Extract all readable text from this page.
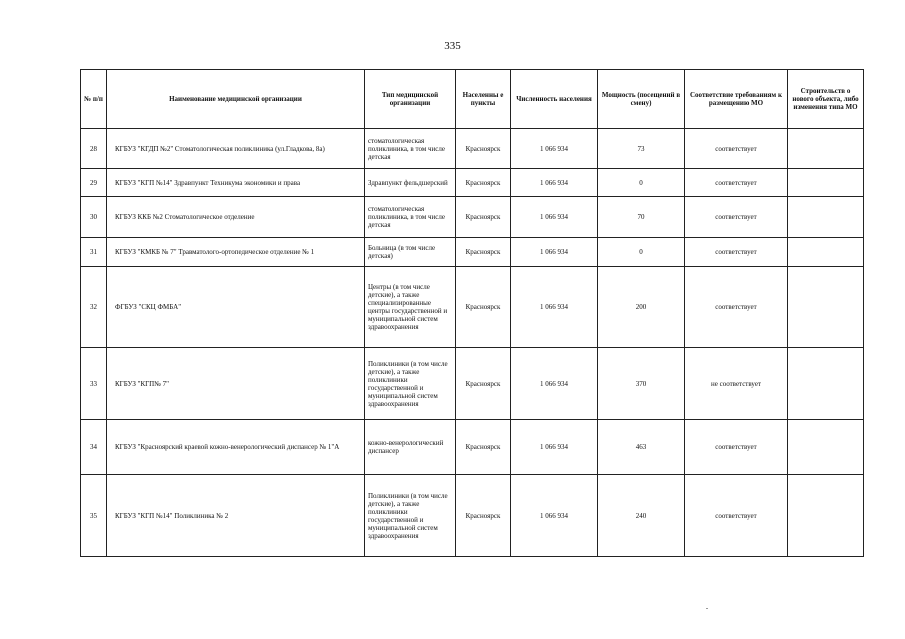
335
№ п/п	Наименование медицинской организации	Тип медицинской организации	Населенны е пункты	Численность населения	Мощность (посещений в смену)	Соответствие требованиям к размещению МО	Строительств о нового объекта, либо изменения типа МО
28	КГБУЗ "КГДП №2" Стоматологическая поликлиника (ул.Гладкова, 8а)	стоматологическая поликлиника, в том числе детская	Красноярск	1 066 934	73	соответствует	
29	КГБУЗ "КГП №14" Здравпункт Техникума экономики и права	Здравпункт фельдшерский	Красноярск	1 066 934	0	соответствует	
30	КГБУЗ ККБ №2 Стоматологическое отделение	стоматологическая поликлиника, в том числе детская	Красноярск	1 066 934	70	соответствует	
31	КГБУЗ "КМКБ № 7" Травматолого-ортопедическое отделение № 1	Больница (в том числе детская)	Красноярск	1 066 934	0	соответствует	
32	ФГБУЗ "СКЦ ФМБА"	Центры (в том числе детские), а также специализированные центры государственной и муниципальной систем здравоохранения	Красноярск	1 066 934	200	соответствует	
33	КГБУЗ "КГП№ 7"	Поликлиники (в том числе детские), а также поликлиники государственной и муниципальной систем здравоохранения	Красноярск	1 066 934	370	не соответствует	
34	КГБУЗ "Красноярский краевой кожно-венерологический диспансер № 1"А	кожно-венерологический диспансер	Красноярск	1 066 934	463	соответствует	
35	КГБУЗ "КГП №14" Поликлиника № 2	Поликлиники (в том числе детские), а также поликлиники государственной и муниципальной систем здравоохранения	Красноярск	1 066 934	240	соответствует	
